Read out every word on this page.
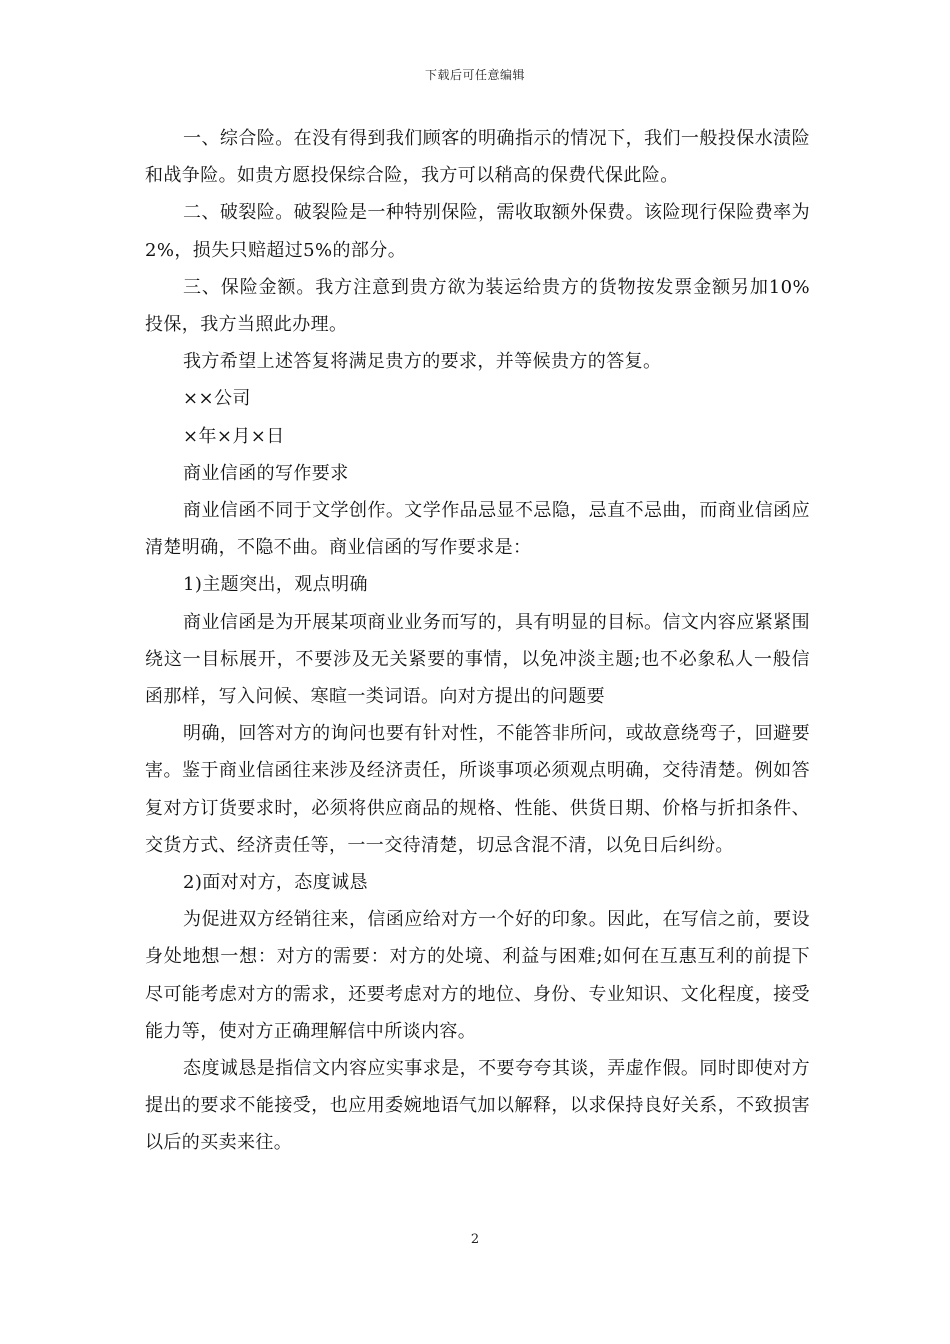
下载后可任意编辑

一、综合险。在没有得到我们顾客的明确指示的情况下，我们一般投保水渍险和战争险。如贵方愿投保综合险，我方可以稍高的保费代保此险。

二、破裂险。破裂险是一种特别保险，需收取额外保费。该险现行保险费率为2%，损失只赔超过5%的部分。

三、保险金额。我方注意到贵方欲为装运给贵方的货物按发票金额另加10%投保，我方当照此办理。

我方希望上述答复将满足贵方的要求，并等候贵方的答复。

××公司

×年×月×日

商业信函的写作要求

商业信函不同于文学创作。文学作品忌显不忌隐，忌直不忌曲，而商业信函应清楚明确，不隐不曲。商业信函的写作要求是：

1)主题突出，观点明确

商业信函是为开展某项商业业务而写的，具有明显的目标。信文内容应紧紧围绕这一目标展开，不要涉及无关紧要的事情，以免冲淡主题;也不必象私人一般信函那样，写入问候、寒暄一类词语。向对方提出的问题要

明确，回答对方的询问也要有针对性，不能答非所问，或故意绕弯子，回避要害。鉴于商业信函往来涉及经济责任，所谈事项必须观点明确，交待清楚。例如答复对方订货要求时，必须将供应商品的规格、性能、供货日期、价格与折扣条件、交货方式、经济责任等，一一交待清楚，切忌含混不清，以免日后纠纷。

2)面对对方，态度诚恳

为促进双方经销往来，信函应给对方一个好的印象。因此，在写信之前，要设身处地想一想：对方的需要：对方的处境、利益与困难;如何在互惠互利的前提下尽可能考虑对方的需求，还要考虑对方的地位、身份、专业知识、文化程度，接受能力等，使对方正确理解信中所谈内容。

态度诚恳是指信文内容应实事求是，不要夸夸其谈，弄虚作假。同时即使对方提出的要求不能接受，也应用委婉地语气加以解释，以求保持良好关系，不致损害以后的买卖来往。

2
